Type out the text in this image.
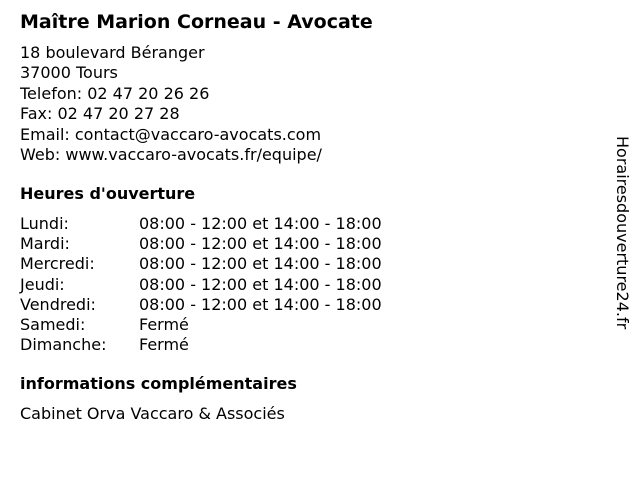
Maître Marion Corneau - Avocate
18 boulevard Béranger
37000 Tours
Telefon: 02 47 20 26 26
Fax: 02 47 20 27 28
Email: contact@vaccaro-avocats.com
Web: www.vaccaro-avocats.fr/equipe/
Heures d'ouverture
Lundi:	08:00 - 12:00 et 14:00 - 18:00
Mardi:	08:00 - 12:00 et 14:00 - 18:00
Mercredi:	08:00 - 12:00 et 14:00 - 18:00
Jeudi:	08:00 - 12:00 et 14:00 - 18:00
Vendredi:	08:00 - 12:00 et 14:00 - 18:00
Samedi:	Fermé
Dimanche: Fermé
informations complémentaires
Cabinet Orva Vaccaro & Associés
Horairesdouverture24.fr
